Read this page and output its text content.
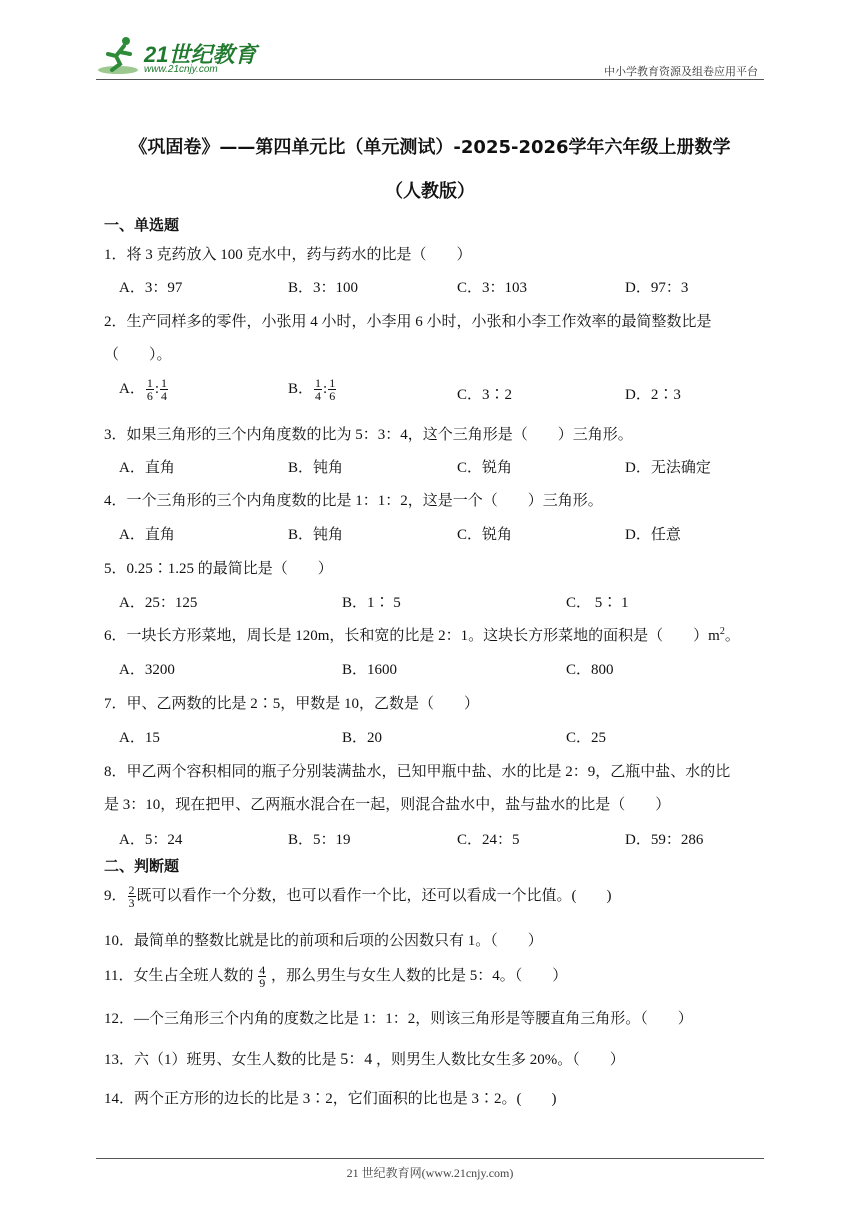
21世纪教育
www.21cnjy.com	中小学教育资源及组卷应用平台
《巩固卷》——第四单元比（单元测试）-2025-2026学年六年级上册数学
（人教版）
一、单选题
1．将 3 克药放入 100 克水中，药与药水的比是（　　）
A．3：97	B．3：100	C．3：103	D．97：3
2．生产同样多的零件，小张用 4 小时，小李用 6 小时，小张和小李工作效率的最简整数比是
（　　）。
A． $\frac{1}{6}$ : $\frac{1}{4}$	B． $\frac{1}{4}$ : $\frac{1}{6}$	C．3∶2	D．2∶3
3．如果三角形的三个内角度数的比为 5：3：4，这个三角形是（　　）三角形。
A．直角	B．钝角	C．锐角	D．无法确定
4．一个三角形的三个内角度数的比是 1：1：2，这是一个（　　）三角形。
A．直角	B．钝角	C．锐角	D．任意
5．0.25∶1.25 的最简比是（　　）
A．25：125	B．1∶ 5	C． 5∶ 1
6．一块长方形菜地，周长是 120m，长和宽的比是 2：1。这块长方形菜地的面积是（　　）$m^2$。
A．3200	B．1600	C．800
7．甲、乙两数的比是 2∶5，甲数是 10，乙数是（　　）
A．15	B．20	C．25
8．甲乙两个容积相同的瓶子分别装满盐水，已知甲瓶中盐、水的比是 2：9，乙瓶中盐、水的比
是 3：10，现在把甲、乙两瓶水混合在一起，则混合盐水中，盐与盐水的比是（　　）
A．5：24	B．5：19	C．24：5	D．59：286
二、判断题
9． $\frac{2}{3}$ 既可以看作一个分数，也可以看作一个比，还可以看成一个比值。(　　)
10．最简单的整数比就是比的前项和后项的公因数只有 1。（　　）
11．女生占全班人数的 $\frac{4}{9}$ ，那么男生与女生人数的比是 5：4。（　　）
12．—个三角形三个内角的度数之比是 1：1：2，则该三角形是等腰直角三角形。（　　）
13．六（1）班男、女生人数的比是 5：4 ，则男生人数比女生多 20%。（　　）
14．两个正方形的边长的比是 3∶2，它们面积的比也是 3∶2。(　　)
21 世纪教育网(www.21cnjy.com)
